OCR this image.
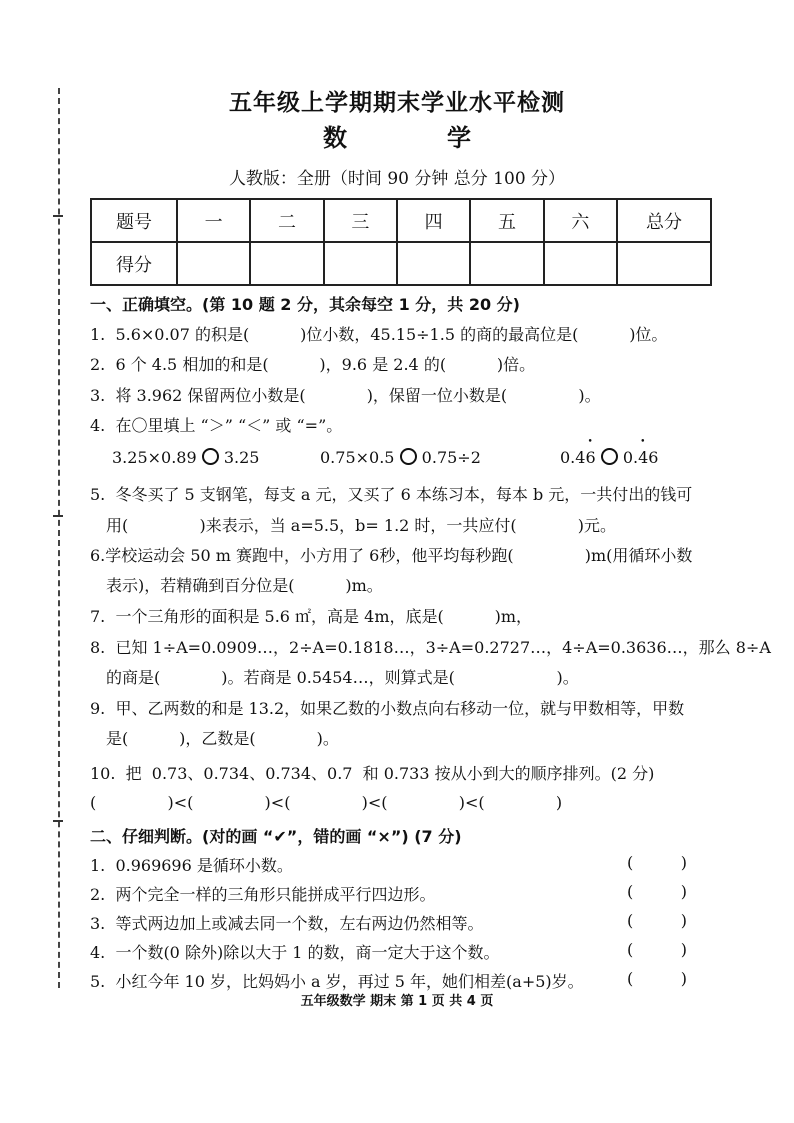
五年级上学期期末学业水平检测
数　学
人教版：全册（时间 90 分钟 总分 100 分）
题号	一	二	三	四	五	六	总分
得分							
一、正确填空。(第 10 题 2 分，其余每空 1 分，共 20 分)
1.  5.6×0.07 的积是(          )位小数，45.15÷1.5 的商的最高位是(          )位。
2.  6 个 4.5 相加的和是(          )，9.6 是 2.4 的(          )倍。
3.  将 3.962 保留两位小数是(            )，保留一位小数是(              )。
4.  在〇里填上 “＞” “＜” 或 “=”。
3.25×0.89 3.25	0.75×0.5 0.75÷2	0.4• 6 0.• 46
5.  冬冬买了 5 支钢笔，每支 a 元，又买了 6 本练习本，每本 b 元，一共付出的钱可
用(              )来表示，当 a=5.5，b= 1.2 时，一共应付(            )元。
6.学校运动会 50 m 赛跑中，小方用了 6秒，他平均每秒跑(              )m(用循环小数
表示)，若精确到百分位是(          )m。
7.  一个三角形的面积是 5.6 ㎡，高是 4m，底是(          )m，
8.  已知 1÷A=0.0909…，2÷A=0.1818…，3÷A=0.2727…，4÷A=0.3636…，那么 8÷A
的商是(            )。若商是 0.5454…，则算式是(                    )。
9.  甲、乙两数的和是 13.2，如果乙数的小数点向右移动一位，就与甲数相等，甲数
是(          )，乙数是(            )。
10.  把  0.73、0.734、0.734̇、0.7  和 0.733 按从小到大的顺序排列。(2 分)
(              )<(              )<(              )<(              )<(              )
二、仔细判断。(对的画 “✔”，错的画 “×”) (7 分)
1.  0.969696 是循环小数。	(	)
2.  两个完全一样的三角形只能拼成平行四边形。	(	)
3.  等式两边加上或减去同一个数，左右两边仍然相等。	(	)
4.  一个数(0 除外)除以大于 1 的数，商一定大于这个数。	(	)
5.  小红今年 10 岁，比妈妈小 a 岁，再过 5 年，她们相差(a+5)岁。	(	)
五年级数学 期末 第 1 页 共 4 页
